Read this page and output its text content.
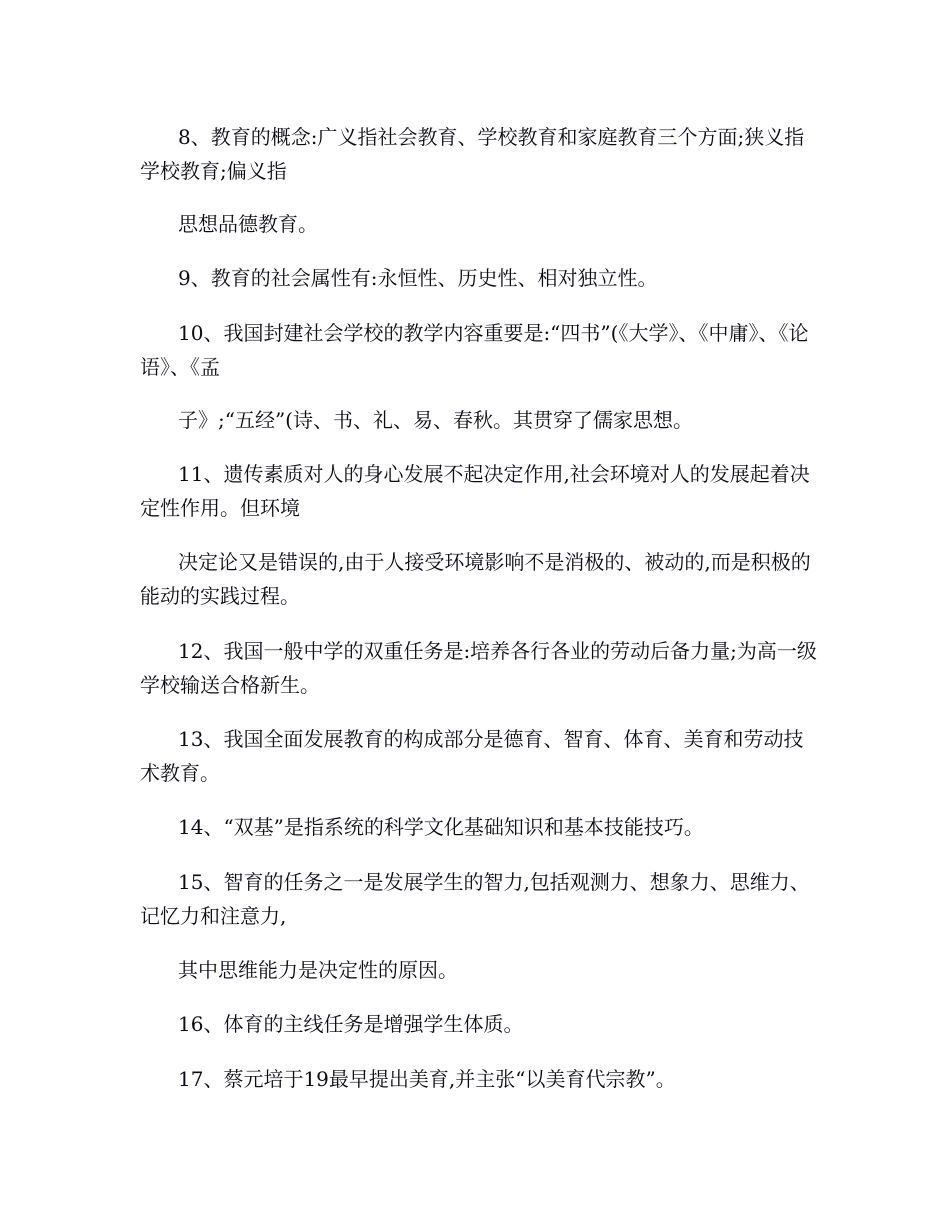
8、教育的概念:广义指社会教育、学校教育和家庭教育三个方面;狭义指学校教育;偏义指

思想品德教育。

9、教育的社会属性有:永恒性、历史性、相对独立性。

10、我国封建社会学校的教学内容重要是:“四书”(《大学》、《中庸》、《论语》、《孟

子》;“五经”(诗、书、礼、易、春秋。其贯穿了儒家思想。

11、遗传素质对人的身心发展不起决定作用,社会环境对人的发展起着决定性作用。但环境

决定论又是错误的,由于人接受环境影响不是消极的、被动的,而是积极的能动的实践过程。

12、我国一般中学的双重任务是:培养各行各业的劳动后备力量;为高一级学校输送合格新生。

13、我国全面发展教育的构成部分是德育、智育、体育、美育和劳动技术教育。

14、“双基”是指系统的科学文化基础知识和基本技能技巧。

15、智育的任务之一是发展学生的智力,包括观测力、想象力、思维力、记忆力和注意力,

其中思维能力是决定性的原因。

16、体育的主线任务是增强学生体质。

17、蔡元培于19最早提出美育,并主张“以美育代宗教”。
